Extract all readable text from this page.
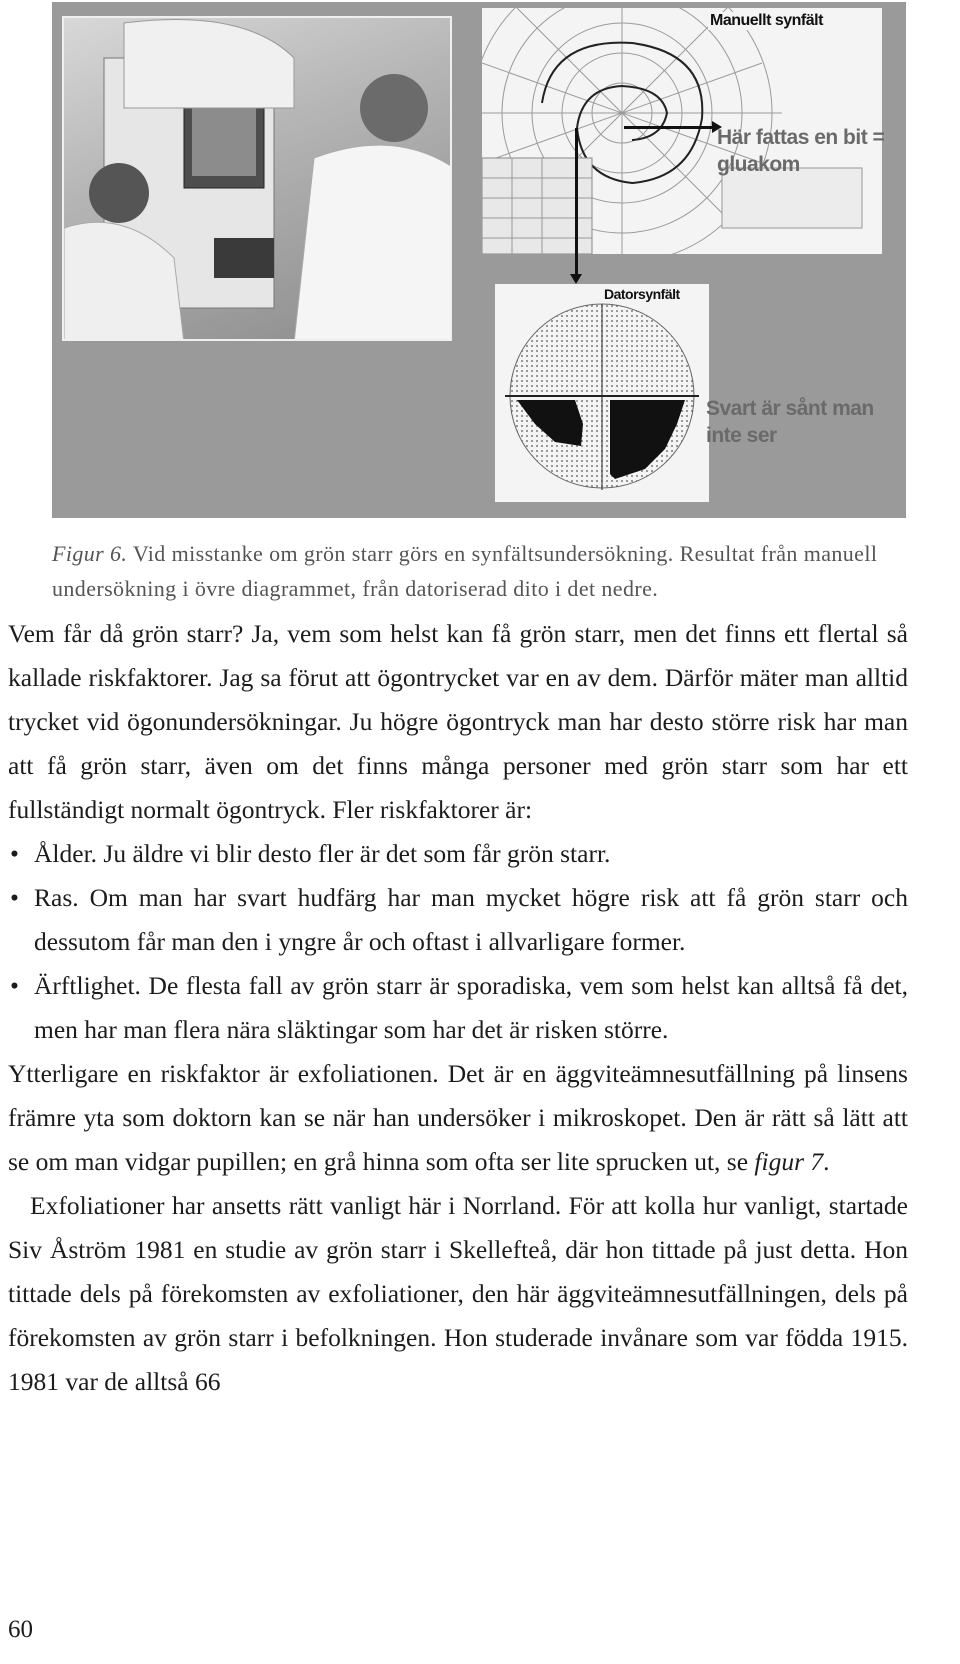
Manuellt synfält
Här fattas en bit = gluakom
Datorsynfält
Svart är sånt man inte ser
Figur 6. Vid misstanke om grön starr görs en synfältsundersökning. Resultat från manuell undersökning i övre diagrammet, från datoriserad dito i det nedre.

Vem får då grön starr? Ja, vem som helst kan få grön starr, men det finns ett flertal så kallade riskfaktorer. Jag sa förut att ögontrycket var en av dem. Därför mäter man alltid trycket vid ögonundersökningar. Ju högre ögontryck man har desto större risk har man att få grön starr, även om det finns många personer med grön starr som har ett fullständigt normalt ögontryck. Fler riskfaktorer är:

• Ålder. Ju äldre vi blir desto fler är det som får grön starr.

• Ras. Om man har svart hudfärg har man mycket högre risk att få grön starr och dessutom får man den i yngre år och oftast i allvarligare former.

• Ärftlighet. De flesta fall av grön starr är sporadiska, vem som helst kan alltså få det, men har man flera nära släktingar som har det är risken större.

Ytterligare en riskfaktor är exfoliationen. Det är en äggviteämnesutfällning på linsens främre yta som doktorn kan se när han undersöker i mikroskopet. Den är rätt så lätt att se om man vidgar pupillen; en grå hinna som ofta ser lite sprucken ut, se figur 7.

Exfoliationer har ansetts rätt vanligt här i Norrland. För att kolla hur vanligt, startade Siv Åström 1981 en studie av grön starr i Skellefteå, där hon tittade på just detta. Hon tittade dels på förekomsten av exfoliationer, den här äggviteämnesutfällningen, dels på förekomsten av grön starr i befolkningen. Hon studerade invånare som var födda 1915. 1981 var de alltså 66

60
